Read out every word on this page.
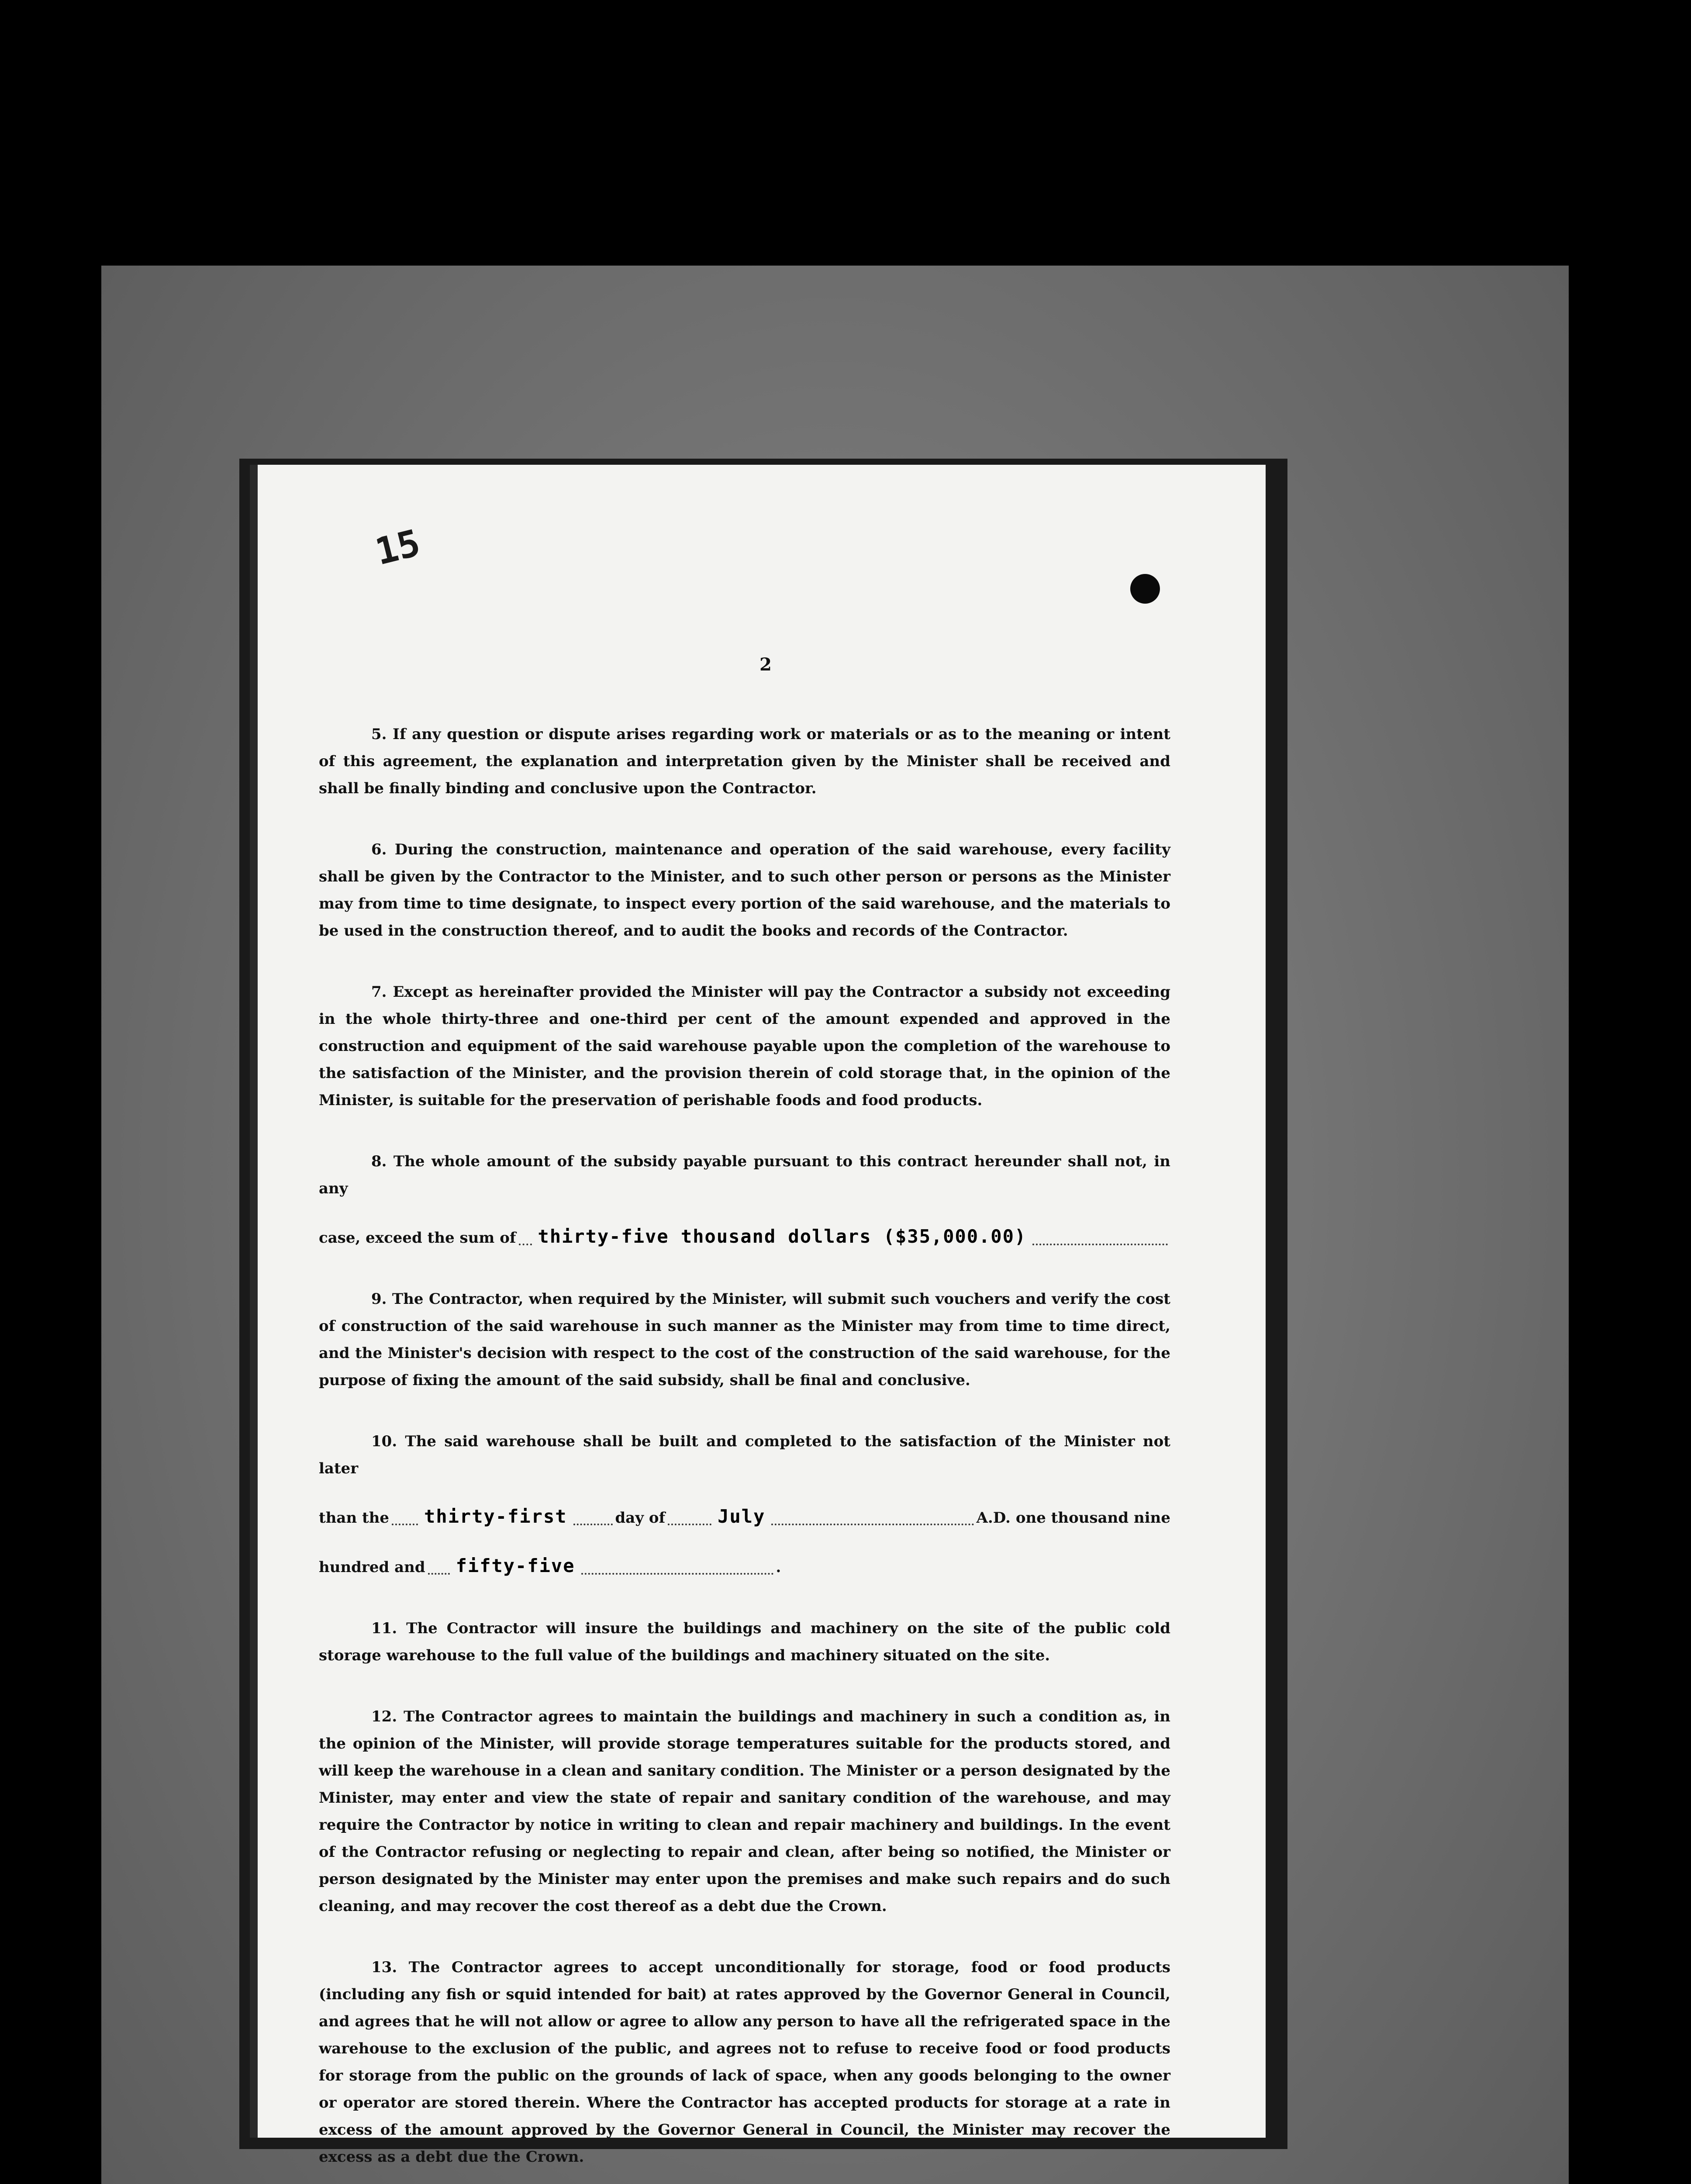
15
2

5. If any question or dispute arises regarding work or materials or as to the meaning or intent of this agreement, the explanation and interpretation given by the Minister shall be received and shall be finally binding and conclusive upon the Contractor.

6. During the construction, maintenance and operation of the said warehouse, every facility shall be given by the Contractor to the Minister, and to such other person or persons as the Minister may from time to time designate, to inspect every portion of the said warehouse, and the materials to be used in the construction thereof, and to audit the books and records of the Contractor.

7. Except as hereinafter provided the Minister will pay the Contractor a subsidy not exceeding in the whole thirty-three and one-third per cent of the amount expended and approved in the construction and equipment of the said warehouse payable upon the completion of the warehouse to the satisfaction of the Minister, and the provision therein of cold storage that, in the opinion of the Minister, is suitable for the preservation of perishable foods and food products.

8. The whole amount of the subsidy payable pursuant to this contract hereunder shall not, in any

case, exceed the sum of thirty-five thousand dollars ($35,000.00)

9. The Contractor, when required by the Minister, will submit such vouchers and verify the cost of construction of the said warehouse in such manner as the Minister may from time to time direct, and the Minister's decision with respect to the cost of the construction of the said warehouse, for the purpose of fixing the amount of the said subsidy, shall be final and conclusive.

10. The said warehouse shall be built and completed to the satisfaction of the Minister not later

than the thirty-first	day of	July	A.D. one thousand nine
hundred and fifty-five	.

11. The Contractor will insure the buildings and machinery on the site of the public cold storage warehouse to the full value of the buildings and machinery situated on the site.

12. The Contractor agrees to maintain the buildings and machinery in such a condition as, in the opinion of the Minister, will provide storage temperatures suitable for the products stored, and will keep the warehouse in a clean and sanitary condition. The Minister or a person designated by the Minister, may enter and view the state of repair and sanitary condition of the warehouse, and may require the Contractor by notice in writing to clean and repair machinery and buildings. In the event of the Contractor refusing or neglecting to repair and clean, after being so notified, the Minister or person designated by the Minister may enter upon the premises and make such repairs and do such cleaning, and may recover the cost thereof as a debt due the Crown.

13. The Contractor agrees to accept unconditionally for storage, food or food products (including any fish or squid intended for bait) at rates approved by the Governor General in Council, and agrees that he will not allow or agree to allow any person to have all the refrigerated space in the warehouse to the exclusion of the public, and agrees not to refuse to receive food or food products for storage from the public on the grounds of lack of space, when any goods belonging to the owner or operator are stored therein. Where the Contractor has accepted products for storage at a rate in excess of the amount approved by the Governor General in Council, the Minister may recover the excess as a debt due the Crown.
